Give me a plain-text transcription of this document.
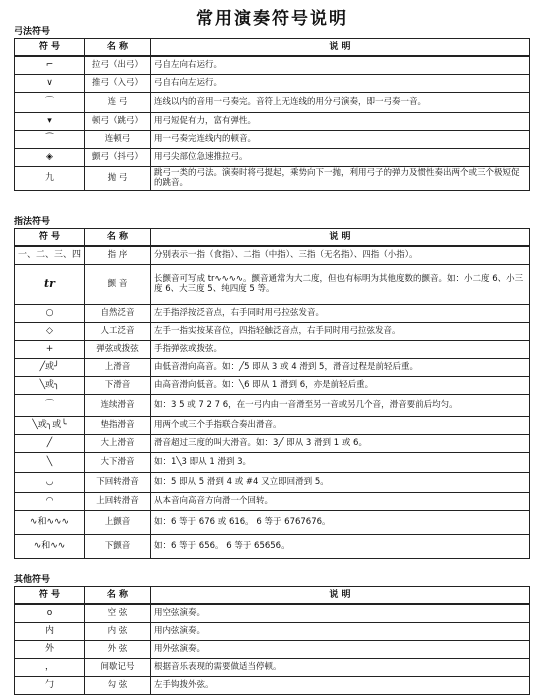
常用演奏符号说明
弓法符号
符 号	名 称	说 明
⌐	拉弓（出弓）	弓自左向右运行。
∨	推弓（入弓）	弓自右向左运行。
⌒	连 弓	连线以内的音用一弓奏完。音符上无连线的用分弓演奏，即一弓奏一音。
▾	顿弓（跳弓）	用弓短促有力，富有弹性。
⁀	连顿弓	用一弓奏完连线内的顿音。
◈	颤弓（抖弓）	用弓尖部位急速推拉弓。
九	抛 弓	跳弓一类的弓法。演奏时将弓提起，乘势向下一抛，利用弓子的弹力及惯性奏出两个或三个极短促的跳音。
指法符号
符 号	名 称	说 明
一、二、三、四	指 序	分别表示一指（食指）、二指（中指）、三指（无名指）、四指（小指）。
tr	颤 音	长颤音可写成 tr∿∿∿∿。颤音通常为大二度，但也有标明为其他度数的颤音。如：小二度 6、小三度 6、大三度 5、纯四度 5 等。
○	自然泛音	左手指浮按泛音点，右手同时用弓拉弦发音。
◇	人工泛音	左手一指实按某音位，四指轻触泛音点，右手同时用弓拉弦发音。
+	弹弦或拨弦	手指弹弦或拨弦。
╱或╯	上滑音	由低音滑向高音。如：╱5 即从 3 或 4 滑到 5，滑音过程是前轻后重。
╲或╮	下滑音	由高音滑向低音。如：╲6 即从 1 滑到 6，亦是前轻后重。
⌒	连续滑音	如：3 5 或 7 2 7 6，在一弓内由一音滑至另一音或另几个音，滑音要前后均匀。
╲或╮或╰	垫指滑音	用两个或三个手指联合奏出滑音。
╱	大上滑音	滑音超过三度的叫大滑音。如：3╱ 即从 3 滑到 1 或 6。
╲	大下滑音	如：1╲3 即从 1 滑到 3。
◡	下回转滑音	如：5 即从 5 滑到 4 或 #4 又立即回滑到 5。
◠	上回转滑音	从本音向高音方向滑一个回转。
∿和∿∿∿	上颤音	如：6 等于 676 或 616。 6 等于 6767676。
∿和∿∿	下颤音	如：6 等于 656。 6 等于 65656。
其他符号
符 号	名 称	说 明
o	空 弦	用空弦演奏。
内	内 弦	用内弦演奏。
外	外 弦	用外弦演奏。
，	间歇记号	根据音乐表现的需要做适当停顿。
勹	勾 弦	左手钩拨外弦。
